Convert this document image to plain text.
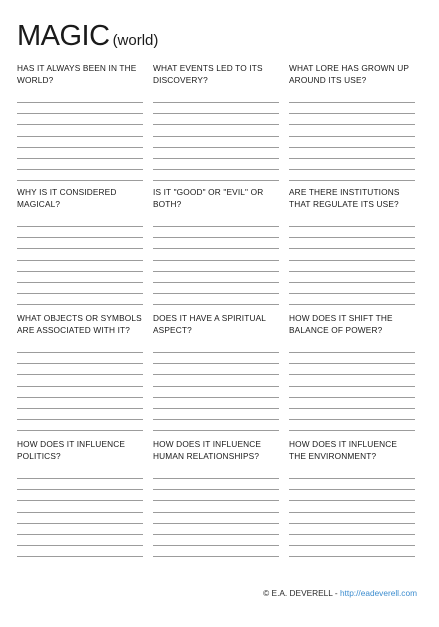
MAGIC (world)
HAS IT ALWAYS BEEN IN THE WORLD?
WHAT EVENTS LED TO ITS DISCOVERY?
WHAT LORE HAS GROWN UP AROUND ITS USE?
WHY IS IT CONSIDERED MAGICAL?
IS IT "GOOD" OR "EVIL" OR BOTH?
ARE THERE INSTITUTIONS THAT REGULATE ITS USE?
WHAT OBJECTS OR SYMBOLS ARE ASSOCIATED WITH IT?
DOES IT HAVE A SPIRITUAL ASPECT?
HOW DOES IT SHIFT THE BALANCE OF POWER?
HOW DOES IT INFLUENCE POLITICS?
HOW DOES IT INFLUENCE HUMAN RELATIONSHIPS?
HOW DOES IT INFLUENCE THE ENVIRONMENT?
© E.A. DEVERELL - http://eadeverell.com
